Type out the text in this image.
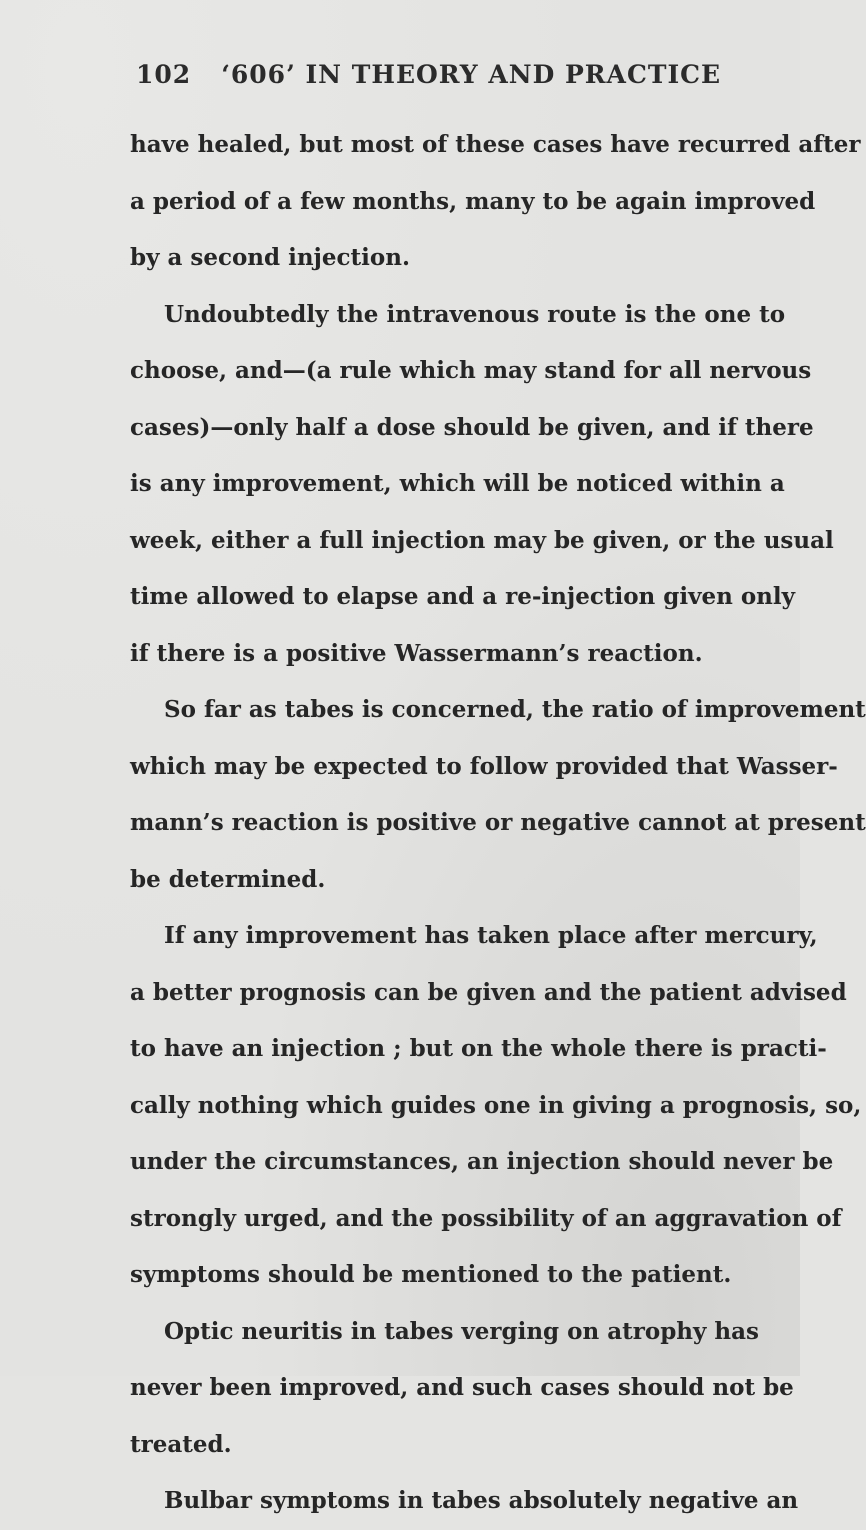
102 ‘606’ IN THEORY AND PRACTICE
have healed, but most of these cases have recurred after
a period of a few months, many to be again improved
by a second injection.
Undoubtedly the intravenous route is the one to
choose, and—(a rule which may stand for all nervous
cases)—only half a dose should be given, and if there
is any improvement, which will be noticed within a
week, either a full injection may be given, or the usual
time allowed to elapse and a re-injection given only
if there is a positive Wassermann’s reaction.
So far as tabes is concerned, the ratio of improvement
which may be expected to follow provided that Wasser-
mann’s reaction is positive or negative cannot at present
be determined.
If any improvement has taken place after mercury,
a better prognosis can be given and the patient advised
to have an injection ; but on the whole there is practi-
cally nothing which guides one in giving a prognosis, so,
under the circumstances, an injection should never be
strongly urged, and the possibility of an aggravation of
symptoms should be mentioned to the patient.
Optic neuritis in tabes verging on atrophy has
never been improved, and such cases should not be
treated.
Bulbar symptoms in tabes absolutely negative an
